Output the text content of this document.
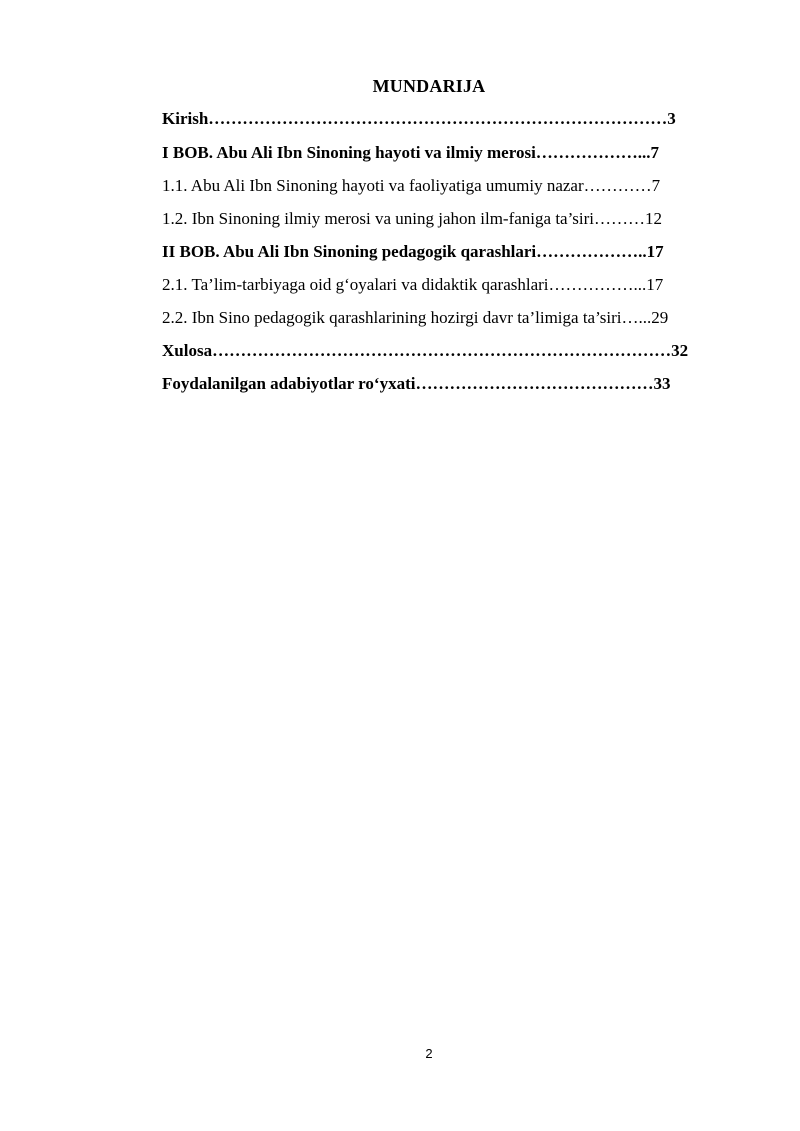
MUNDARIJA
Kirish………………………………………………………………………3
I BOB. Abu Ali Ibn Sinoning hayoti va ilmiy merosi………………...7
1.1. Abu Ali Ibn Sinoning hayoti va faoliyatiga umumiy nazar…………7
1.2. Ibn Sinoning ilmiy merosi va uning jahon ilm-faniga ta’siri………12
II BOB. Abu Ali Ibn Sinoning pedagogik qarashlari………………..17
2.1. Ta’lim-tarbiyaga oid g‘oyalari va didaktik qarashlari……………...17
2.2. Ibn Sino pedagogik qarashlarining hozirgi davr ta’limiga ta’siri…...29
Xulosa………………………………………………………………………32
Foydalanilgan adabiyotlar ro‘yxati……………………………………33
2
